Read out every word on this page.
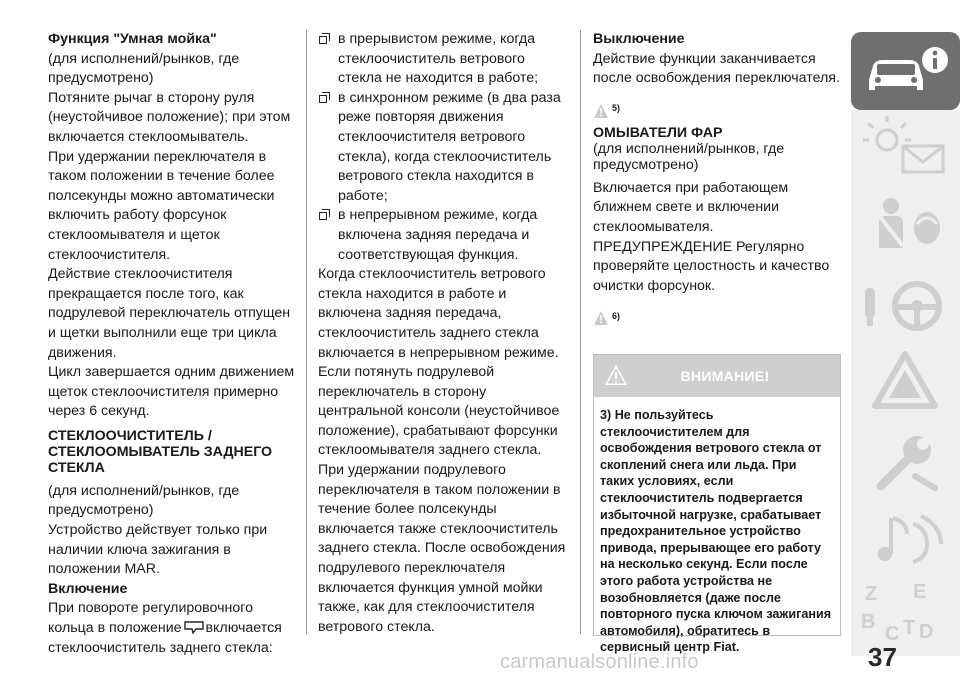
Функция "Умная мойка"
(для исполнений/рынков, где предусмотрено)
Потяните рычаг в сторону руля (неустойчивое положение); при этом включается стеклоомыватель.
При удержании переключателя в таком положении в течение более полсекунды можно автоматически включить работу форсунок стеклоомывателя и щеток стеклоочистителя.
Действие стеклоочистителя прекращается после того, как подрулевой переключатель отпущен и щетки выполнили еще три цикла движения.
Цикл завершается одним движением щеток стеклоочистителя примерно через 6 секунд.
СТЕКЛООЧИСТИТЕЛЬ / СТЕКЛООМЫВАТЕЛЬ ЗАДНЕГО СТЕКЛА
(для исполнений/рынков, где предусмотрено)
Устройство действует только при наличии ключа зажигания в положении MAR.
Включение
При повороте регулировочного кольца в положение включается стеклоочиститель заднего стекла:
в прерывистом режиме, когда стеклоочиститель ветрового стекла не находится в работе;
в синхронном режиме (в два раза реже повторяя движения стеклоочистителя ветрового стекла), когда стеклоочиститель ветрового стекла находится в работе;
в непрерывном режиме, когда включена задняя передача и соответствующая функция.
Когда стеклоочиститель ветрового стекла находится в работе и включена задняя передача, стеклоочиститель заднего стекла включается в непрерывном режиме.
Если потянуть подрулевой переключатель в сторону центральной консоли (неустойчивое положение), срабатывают форсунки стеклоомывателя заднего стекла.
При удержании подрулевого переключателя в таком положении в течение более полсекунды включается также стеклоочиститель заднего стекла. После освобождения подрулевого переключателя включается функция умной мойки также, как для стеклоочистителя ветрового стекла.
Выключение
Действие функции заканчивается после освобождения переключателя.
5)
ОМЫВАТЕЛИ ФАР
(для исполнений/рынков, где предусмотрено)
Включается при работающем ближнем свете и включении стеклоомывателя.
ПРЕДУПРЕЖДЕНИЕ Регулярно проверяйте целостность и качество очистки форсунок.
6)
ВНИМАНИЕ!
3) Не пользуйтесь стеклоочистителем для освобождения ветрового стекла от скоплений снега или льда. При таких условиях, если стеклоочиститель подвергается избыточной нагрузке, срабатывает предохранительное устройство привода, прерывающее его работу на несколько секунд. Если после этого работа устройства не возобновляется (даже после повторного пуска ключом зажигания автомобиля), обратитесь в сервисный центр Fiat.
Z E
B
C T D
37
carmanualsonline.info
